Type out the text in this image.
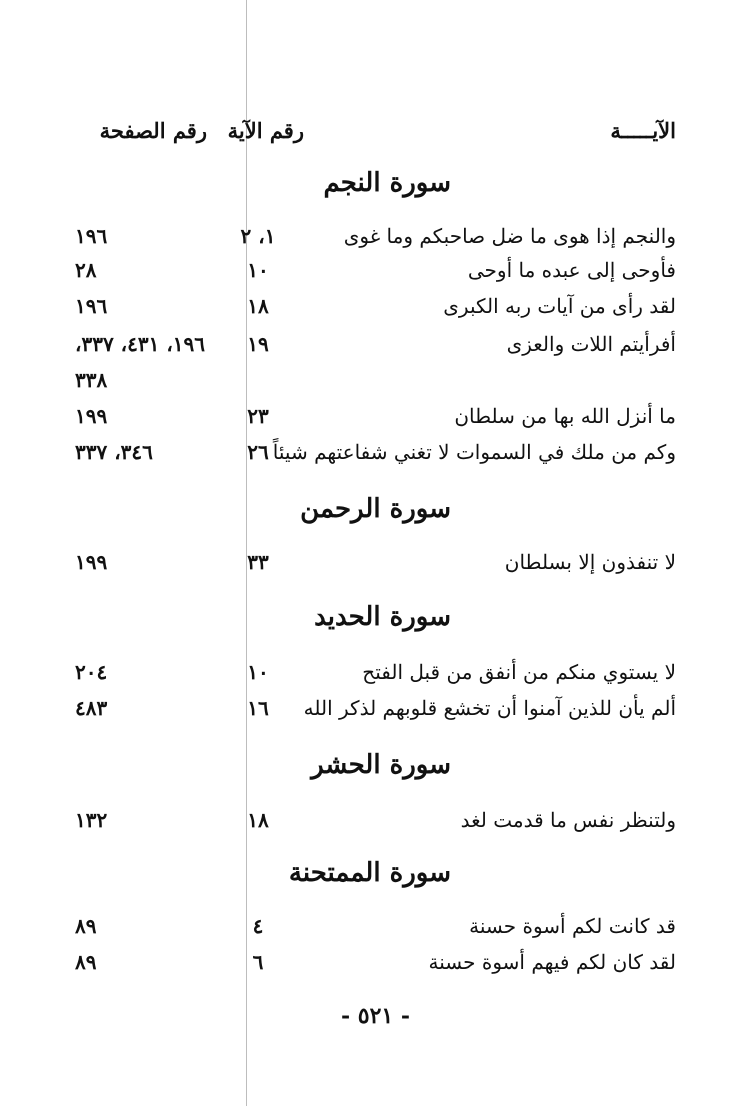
الآيـــــة
رقم الآية
رقم الصفحة
سورة النجم
والنجم إذا هوى ما ضل صاحبكم وما غوى
١، ٢
١٩٦
فأوحى إلى عبده ما أوحى
١٠
٢٨
لقد رأى من آيات ربه الكبرى
١٨
١٩٦
أفرأيتم اللات والعزى
١٩
١٩٦، ٤٣١، ٣٣٧،
٣٣٨
ما أنزل الله بها من سلطان
٢٣
١٩٩
وكم من ملك في السموات لا تغني شفاعتهم شيئاً
٢٦
٣٤٦، ٣٣٧
سورة الرحمن
لا تنفذون إلا بسلطان
٣٣
١٩٩
سورة الحديد
لا يستوي منكم من أنفق من قبل الفتح
١٠
٢٠٤
ألم يأن للذين آمنوا أن تخشع قلوبهم لذكر الله
١٦
٤٨٣
سورة الحشر
ولتنظر نفس ما قدمت لغد
١٨
١٣٢
سورة الممتحنة
قد كانت لكم أسوة حسنة
٤
٨٩
لقد كان لكم فيهم أسوة حسنة
٦
٨٩
- ٥٢١ -
